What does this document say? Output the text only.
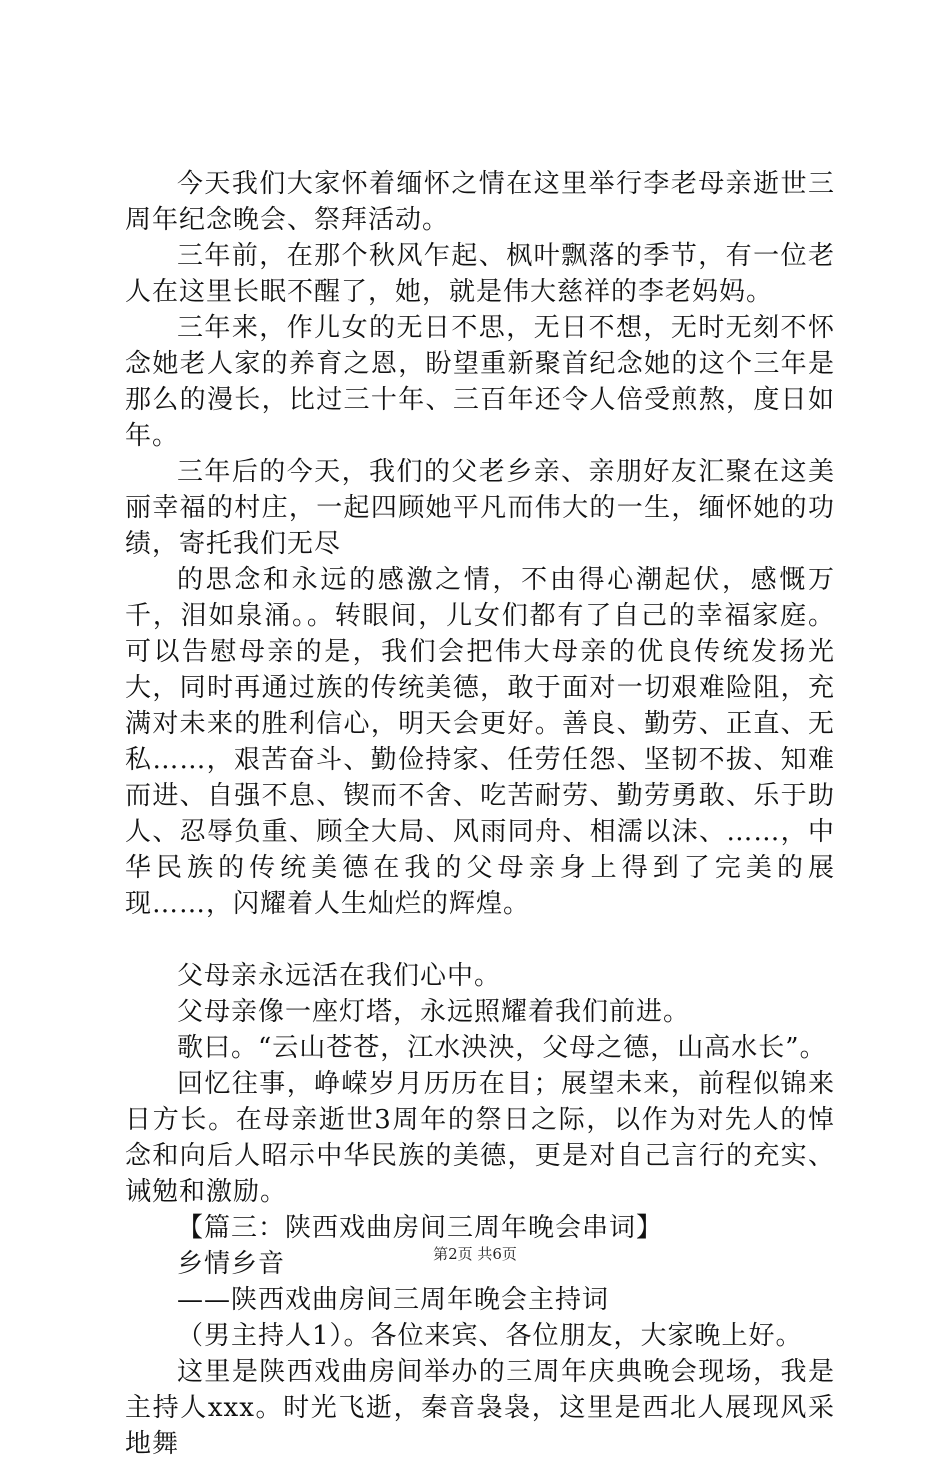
今天我们大家怀着缅怀之情在这里举行李老母亲逝世三周年纪念晚会、祭拜活动。

三年前，在那个秋风乍起、枫叶飘落的季节，有一位老人在这里长眠不醒了，她，就是伟大慈祥的李老妈妈。

三年来，作儿女的无日不思，无日不想，无时无刻不怀念她老人家的养育之恩，盼望重新聚首纪念她的这个三年是那么的漫长，比过三十年、三百年还令人倍受煎熬，度日如年。

三年后的今天，我们的父老乡亲、亲朋好友汇聚在这美丽幸福的村庄，一起四顾她平凡而伟大的一生，缅怀她的功绩，寄托我们无尽

的思念和永远的感激之情，不由得心潮起伏，感慨万千，泪如泉涌。。转眼间，儿女们都有了自己的幸福家庭。可以告慰母亲的是，我们会把伟大母亲的优良传统发扬光大，同时再通过族的传统美德，敢于面对一切艰难险阻，充满对未来的胜利信心，明天会更好。善良、勤劳、正直、无私……，艰苦奋斗、勤俭持家、任劳任怨、坚韧不拔、知难而进、自强不息、锲而不舍、吃苦耐劳、勤劳勇敢、乐于助人、忍辱负重、顾全大局、风雨同舟、相濡以沫、……，中华民族的传统美德在我的父母亲身上得到了完美的展现……，闪耀着人生灿烂的辉煌。

父母亲永远活在我们心中。

父母亲像一座灯塔，永远照耀着我们前进。

歌曰。“云山苍苍，江水泱泱，父母之德，山高水长”。

回忆往事，峥嵘岁月历历在目；展望未来，前程似锦来日方长。在母亲逝世3周年的祭日之际，以作为对先人的悼念和向后人昭示中华民族的美德，更是对自己言行的充实、诫勉和激励。

【篇三：陕西戏曲房间三周年晚会串词】

乡情乡音

——陕西戏曲房间三周年晚会主持词

（男主持人1）。各位来宾、各位朋友，大家晚上好。

这里是陕西戏曲房间举办的三周年庆典晚会现场，我是主持人xxx。时光飞逝，秦音袅袅，这里是西北人展现风采地舞

第2页 共6页
